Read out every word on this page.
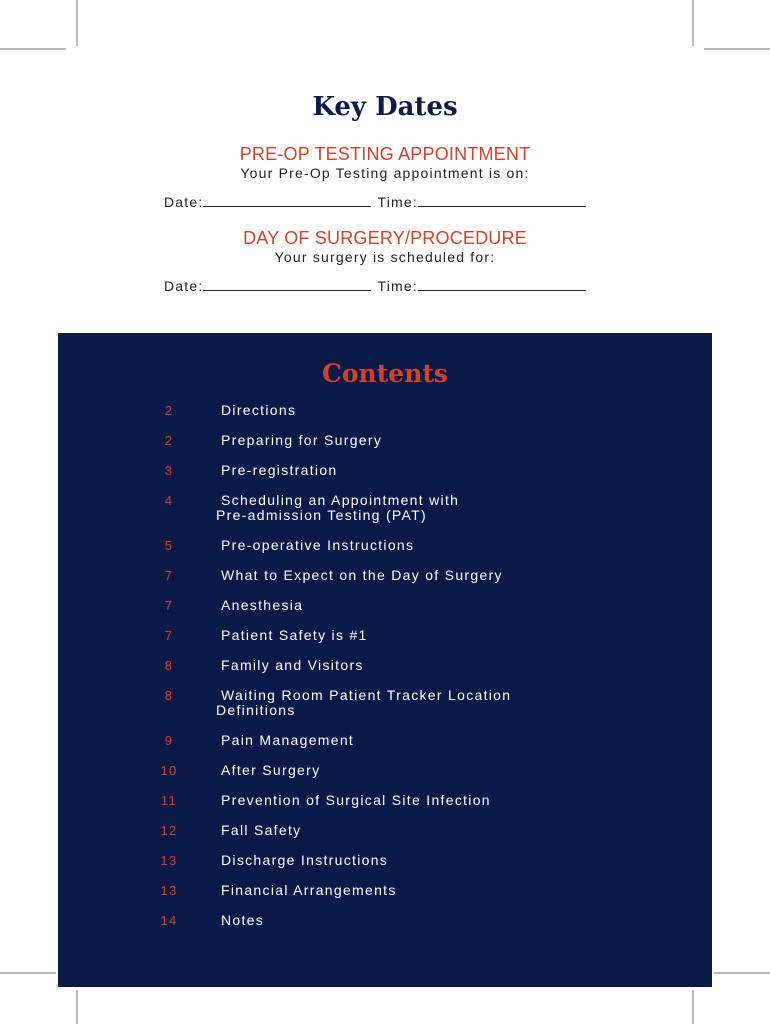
Key Dates
PRE-OP TESTING APPOINTMENT
Your Pre-Op Testing appointment is on:
Date:	Time:
DAY OF SURGERY/PROCEDURE
Your surgery is scheduled for:
Date:	Time:
Contents
2	Directions
2	Preparing for Surgery
3	Pre-registration
4	Scheduling an Appointment with
Pre-admission Testing (PAT)
5	Pre-operative Instructions
7	What to Expect on the Day of Surgery
7	Anesthesia
7	Patient Safety is #1
8	Family and Visitors
8	Waiting Room Patient Tracker Location
Definitions
9	Pain Management
10	After Surgery
11	Prevention of Surgical Site Infection
12	Fall Safety
13	Discharge Instructions
13	Financial Arrangements
14	Notes
